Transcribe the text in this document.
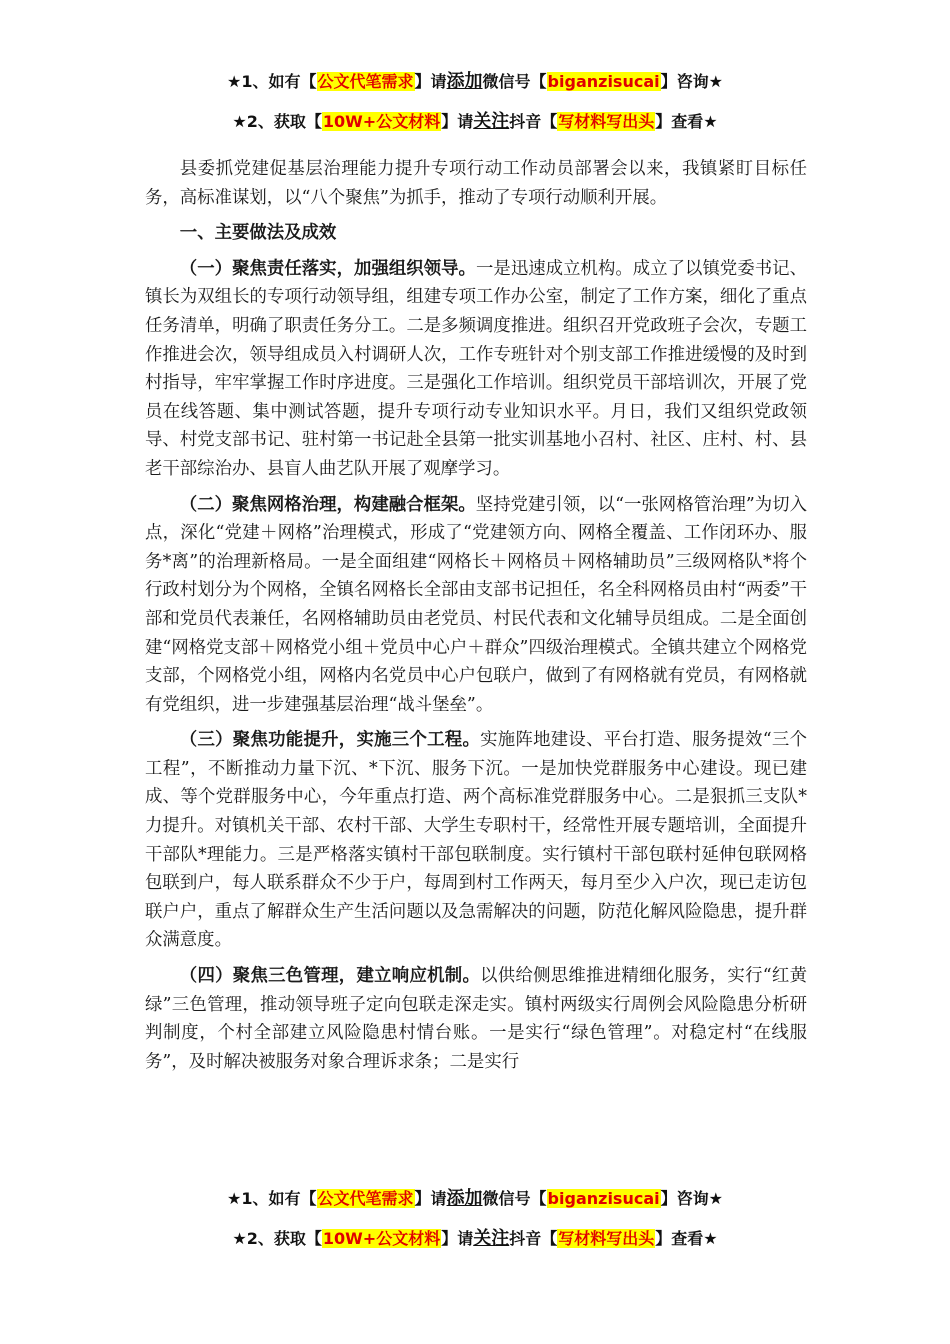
★1、如有【公文代笔需求】请添加微信号【biganzisucai】咨询★
★2、获取【10W+公文材料】请关注抖音【写材料写出头】查看★

县委抓党建促基层治理能力提升专项行动工作动员部署会以来，我镇紧盯目标任务，高标准谋划，以“八个聚焦”为抓手，推动了专项行动顺利开展。

一、主要做法及成效

（一）聚焦责任落实，加强组织领导。一是迅速成立机构。成立了以镇党委书记、镇长为双组长的专项行动领导组，组建专项工作办公室，制定了工作方案，细化了重点任务清单，明确了职责任务分工。二是多频调度推进。组织召开党政班子会次，专题工作推进会次，领导组成员入村调研人次，工作专班针对个别支部工作推进缓慢的及时到村指导，牢牢掌握工作时序进度。三是强化工作培训。组织党员干部培训次，开展了党员在线答题、集中测试答题，提升专项行动专业知识水平。月日，我们又组织党政领导、村党支部书记、驻村第一书记赴全县第一批实训基地小召村、社区、庄村、村、县老干部综治办、县盲人曲艺队开展了观摩学习。

（二）聚焦网格治理，构建融合框架。坚持党建引领，以“一张网格管治理”为切入点，深化“党建＋网格”治理模式，形成了“党建领方向、网格全覆盖、工作闭环办、服务*离”的治理新格局。一是全面组建“网格长＋网格员＋网格辅助员”三级网格队*将个行政村划分为个网格，全镇名网格长全部由支部书记担任，名全科网格员由村“两委”干部和党员代表兼任，名网格辅助员由老党员、村民代表和文化辅导员组成。二是全面创建“网格党支部＋网格党小组＋党员中心户＋群众”四级治理模式。全镇共建立个网格党支部，个网格党小组，网格内名党员中心户包联户，做到了有网格就有党员，有网格就有党组织，进一步建强基层治理“战斗堡垒”。

（三）聚焦功能提升，实施三个工程。实施阵地建设、平台打造、服务提效“三个工程”，不断推动力量下沉、*下沉、服务下沉。一是加快党群服务中心建设。现已建成、等个党群服务中心，今年重点打造、两个高标准党群服务中心。二是狠抓三支队*力提升。对镇机关干部、农村干部、大学生专职村干，经常性开展专题培训，全面提升干部队*理能力。三是严格落实镇村干部包联制度。实行镇村干部包联村延伸包联网格包联到户，每人联系群众不少于户，每周到村工作两天，每月至少入户次，现已走访包联户户，重点了解群众生产生活问题以及急需解决的问题，防范化解风险隐患，提升群众满意度。

（四）聚焦三色管理，建立响应机制。以供给侧思维推进精细化服务，实行“红黄绿”三色管理，推动领导班子定向包联走深走实。镇村两级实行周例会风险隐患分析研判制度，个村全部建立风险隐患村情台账。一是实行“绿色管理”。对稳定村“在线服务”，及时解决被服务对象合理诉求条；二是实行

★1、如有【公文代笔需求】请添加微信号【biganzisucai】咨询★
★2、获取【10W+公文材料】请关注抖音【写材料写出头】查看★
